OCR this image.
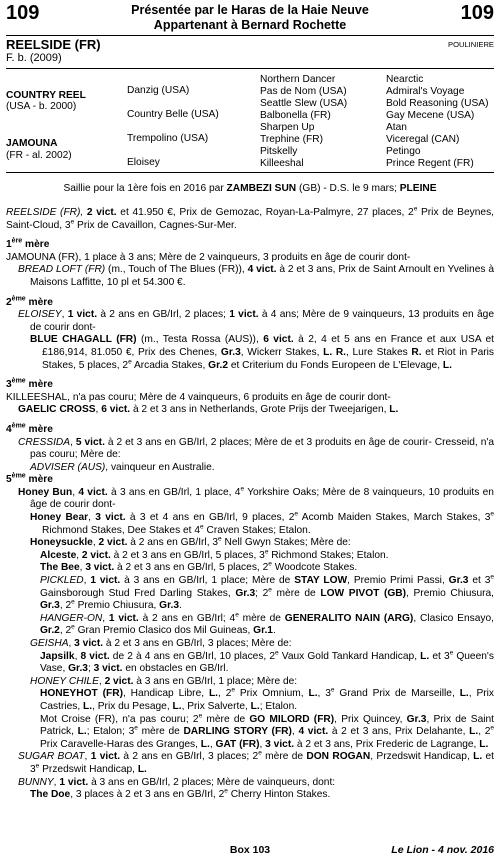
109	Présentée par le Haras de la Haie Neuve
Appartenant à Bernard Rochette
109
REELSIDE (FR)
F. b. (2009)
POULINIERE
COUNTRY REEL
(USA - b. 2000)
JAMOUNA
(FR - al. 2002)
Danzig (USA)
Country Belle (USA)
Trempolino (USA)
Eloisey
Northern Dancer
Pas de Nom (USA)
Seattle Slew (USA)
Balbonella (FR)
Sharpen Up
Trephine (FR)
Pitskelly
Killeeshal
Nearctic
Admiral's Voyage
Bold Reasoning (USA)
Gay Mecene (USA)
Atan
Viceregal (CAN)
Petingo
Prince Regent (FR)
Saillie pour la 1ère fois en 2016 par ZAMBEZI SUN (GB) - D.S. le 9 mars; PLEINE
REELSIDE (FR), 2 vict. et 41.950 €, Prix de Gemozac, Royan-La-Palmyre, 27 places, 2e Prix de Beynes, Saint-Cloud, 3e Prix de Cavaillon, Cagnes-Sur-Mer.
1ère mère
JAMOUNA (FR), 1 place à 3 ans; Mère de 2 vainqueurs, 3 produits en âge de courir dont-
BREAD LOFT (FR) (m., Touch of The Blues (FR)), 4 vict. à 2 et 3 ans, Prix de Saint Arnoult en Yvelines à Maisons Laffitte, 10 pl et 54.300 €.
2ème mère
ELOISEY, 1 vict. à 2 ans en GB/Irl, 2 places; 1 vict. à 4 ans; Mère de 9 vainqueurs, 13 produits en âge de courir dont-
BLUE CHAGALL (FR) (m., Testa Rossa (AUS)), 6 vict. à 2, 4 et 5 ans en France et aux USA et £186,914, 81.050 €, Prix des Chenes, Gr.3, Wickerr Stakes, L. R., Lure Stakes R. et Riot in Paris Stakes, 5 places, 2e Arcadia Stakes, Gr.2 et Criterium du Fonds Europeen de L'Elevage, L.
3ème mère
KILLEESHAL, n'a pas couru; Mère de 4 vainqueurs, 6 produits en âge de courir dont-
GAELIC CROSS, 6 vict. à 2 et 3 ans in Netherlands, Grote Prijs der Tweejarigen, L.
4ème mère
CRESSIDA, 5 vict. à 2 et 3 ans en GB/Irl, 2 places; Mère de et 3 produits en âge de courir- Cresseid, n'a pas couru; Mère de:
ADVISER (AUS), vainqueur en Australie.
5ème mère
Honey Bun, 4 vict. à 3 ans en GB/Irl, 1 place, 4e Yorkshire Oaks; Mère de 8 vainqueurs, 10 produits en âge de courir dont-
Honey Bear, 3 vict. à 3 et 4 ans en GB/Irl, 9 places, 2e Acomb Maiden Stakes, March Stakes, 3e Richmond Stakes, Dee Stakes et 4e Craven Stakes; Etalon.
Honeysuckle, 2 vict. à 2 ans en GB/Irl, 3e Nell Gwyn Stakes; Mère de:
Alceste, 2 vict. à 2 et 3 ans en GB/Irl, 5 places, 3e Richmond Stakes; Etalon.
The Bee, 3 vict. à 2 et 3 ans en GB/Irl, 5 places, 2e Woodcote Stakes.
PICKLED, 1 vict. à 3 ans en GB/Irl, 1 place; Mère de STAY LOW, Premio Primi Passi, Gr.3 et 3e Gainsborough Stud Fred Darling Stakes, Gr.3; 2e mère de LOW PIVOT (GB), Premio Chiusura, Gr.3, 2e Premio Chiusura, Gr.3.
HANGER-ON, 1 vict. à 2 ans en GB/Irl; 4e mère de GENERALITO NAIN (ARG), Clasico Ensayo, Gr.2, 2e Gran Premio Clasico dos Mil Guineas, Gr.1.
GEISHA, 3 vict. à 2 et 3 ans en GB/Irl, 3 places; Mère de:
Japsilk, 8 vict. de 2 à 4 ans en GB/Irl, 10 places, 2e Vaux Gold Tankard Handicap, L. et 3e Queen's Vase, Gr.3; 3 vict. en obstacles en GB/Irl.
HONEY CHILE, 2 vict. à 3 ans en GB/Irl, 1 place; Mère de:
HONEYHOT (FR), Handicap Libre, L., 2e Prix Omnium, L., 3e Grand Prix de Marseille, L., Prix Castries, L., Prix du Pesage, L., Prix Salverte, L.; Etalon.
Mot Croise (FR), n'a pas couru; 2e mère de GO MILORD (FR), Prix Quincey, Gr.3, Prix de Saint Patrick, L.; Etalon; 3e mère de DARLING STORY (FR), 4 vict. à 2 et 3 ans, Prix Delahante, L., 2e Prix Caravelle-Haras des Granges, L., GAT (FR), 3 vict. à 2 et 3 ans, Prix Frederic de Lagrange, L.
SUGAR BOAT, 1 vict. à 2 ans en GB/Irl, 3 places; 2e mère de DON ROGAN, Przedswit Handicap, L. et 3e Przedswit Handicap, L.
BUNNY, 1 vict. à 3 ans en GB/Irl, 2 places; Mère de vainqueurs, dont:
The Doe, 3 places à 2 et 3 ans en GB/Irl, 2e Cherry Hinton Stakes.
Box 103	Le Lion - 4 nov. 2016
